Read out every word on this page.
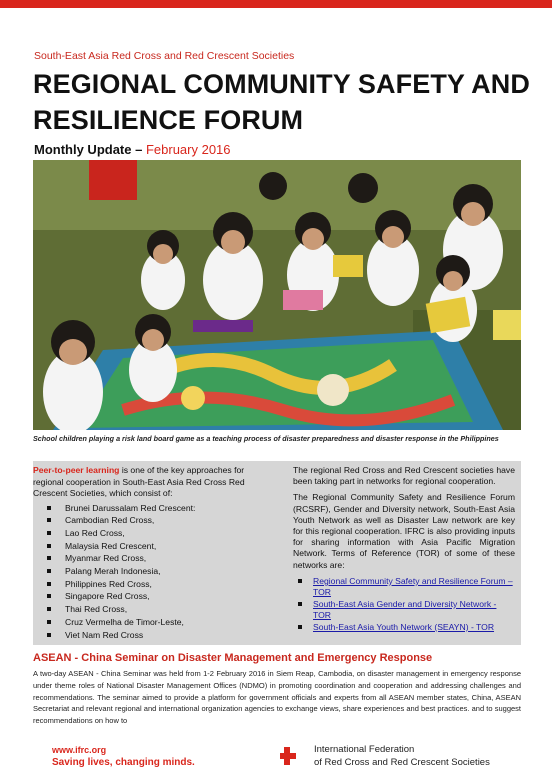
South-East Asia Red Cross and Red Crescent Societies
REGIONAL COMMUNITY SAFETY AND RESILIENCE FORUM
Monthly Update – February 2016
School children playing a risk land board game as a teaching process of disaster preparedness and disaster response in the Philippines

Peer-to-peer learning is one of the key approaches for regional cooperation in South-East Asia Red Cross Red Crescent Societies, which consist of:

Brunei Darussalam Red Crescent:
Cambodian Red Cross,
Lao Red Cross,
Malaysia Red Crescent,
Myanmar Red Cross,
Palang Merah Indonesia,
Philippines Red Cross,
Singapore Red Cross,
Thai Red Cross,
Cruz Vermelha de Timor-Leste,
Viet Nam Red Cross

The regional Red Cross and Red Crescent societies have been taking part in networks for regional cooperation.

The Regional Community Safety and Resilience Forum (RCSRF), Gender and Diversity network, South-East Asia Youth Network as well as Disaster Law network are key for this regional cooperation. IFRC is also providing inputs for sharing information with Asia Pacific Migration Network. Terms of Reference (TOR) of some of these networks are:

Regional Community Safety and Resilience Forum – TOR
South-East Asia Gender and Diversity Network - TOR
South-East Asia Youth Network (SEAYN) - TOR
ASEAN - China Seminar on Disaster Management and Emergency Response
A two-day ASEAN - China Seminar was held from 1-2 February 2016 in Siem Reap, Cambodia, on disaster management in emergency response under theme roles of National Disaster Management Offices (NDMO) in promoting coordination and cooperation and addressing challenges and recommendations. The seminar aimed to provide a platform for government officials and experts from all ASEAN member states, China, ASEAN Secretariat and relevant regional and international organization agencies to exchange views, share experiences and best practices. and to suggest recommendations on how to
www.ifrc.org
Saving lives, changing minds.
International Federation
of Red Cross and Red Crescent Societies
